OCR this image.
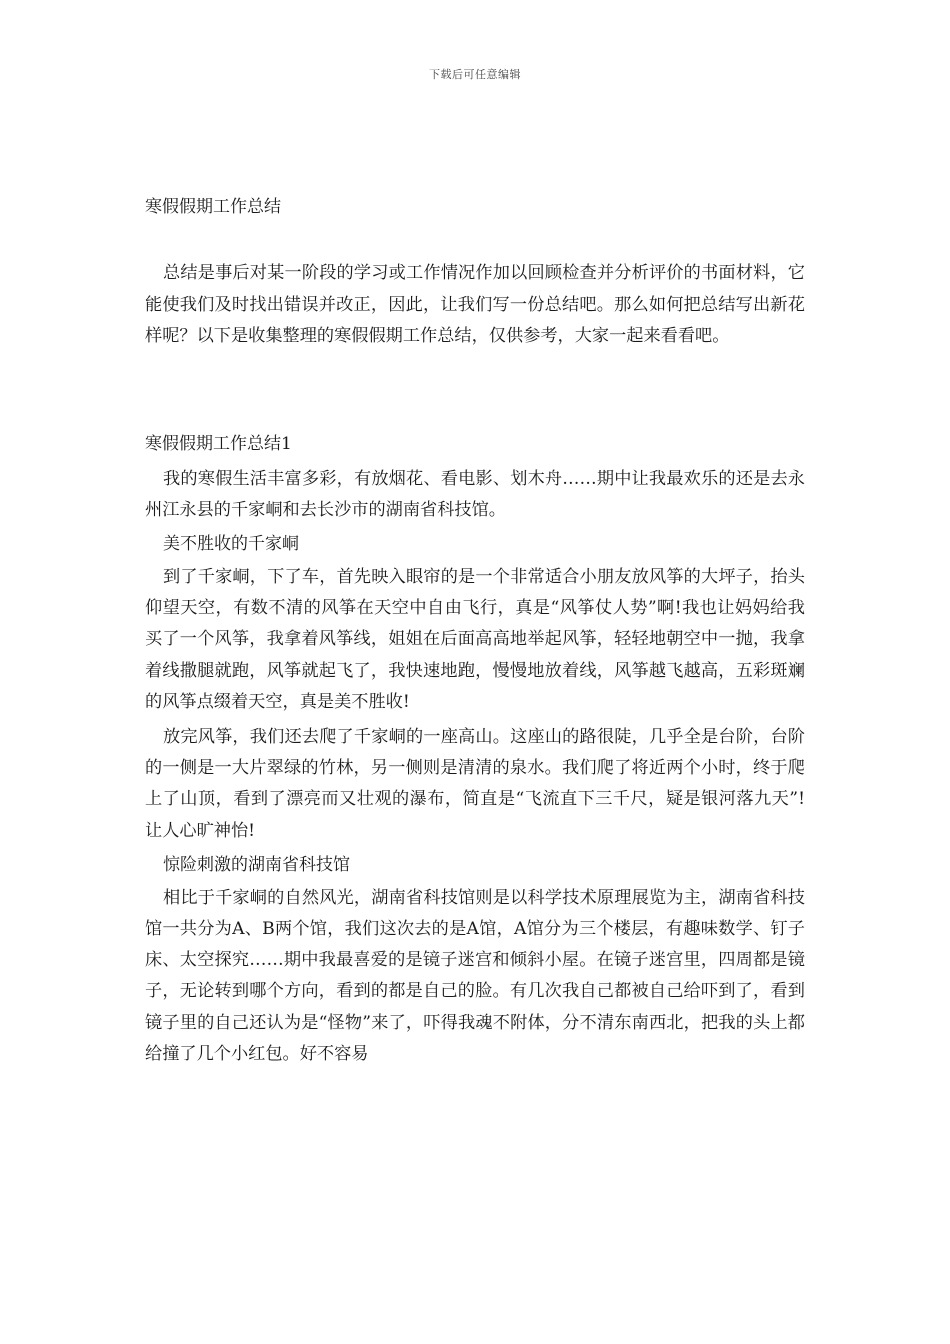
下载后可任意编辑
寒假假期工作总结

总结是事后对某一阶段的学习或工作情况作加以回顾检查并分析评价的书面材料，它能使我们及时找出错误并改正，因此，让我们写一份总结吧。那么如何把总结写出新花样呢？以下是收集整理的寒假假期工作总结，仅供参考，大家一起来看看吧。

寒假假期工作总结1

我的寒假生活丰富多彩，有放烟花、看电影、划木舟……期中让我最欢乐的还是去永州江永县的千家峒和去长沙市的湖南省科技馆。

美不胜收的千家峒

到了千家峒，下了车，首先映入眼帘的是一个非常适合小朋友放风筝的大坪子，抬头仰望天空，有数不清的风筝在天空中自由飞行，真是“风筝仗人势”啊!我也让妈妈给我买了一个风筝，我拿着风筝线，姐姐在后面高高地举起风筝，轻轻地朝空中一抛，我拿着线撒腿就跑，风筝就起飞了，我快速地跑，慢慢地放着线，风筝越飞越高，五彩斑斓的风筝点缀着天空，真是美不胜收!

放完风筝，我们还去爬了千家峒的一座高山。这座山的路很陡，几乎全是台阶，台阶的一侧是一大片翠绿的竹林，另一侧则是清清的泉水。我们爬了将近两个小时，终于爬上了山顶，看到了漂亮而又壮观的瀑布，简直是“飞流直下三千尺，疑是银河落九天”!让人心旷神怡!

惊险刺激的湖南省科技馆

相比于千家峒的自然风光，湖南省科技馆则是以科学技术原理展览为主，湖南省科技馆一共分为A、B两个馆，我们这次去的是A馆，A馆分为三个楼层，有趣味数学、钉子床、太空探究……期中我最喜爱的是镜子迷宫和倾斜小屋。在镜子迷宫里，四周都是镜子，无论转到哪个方向，看到的都是自己的脸。有几次我自己都被自己给吓到了，看到镜子里的自己还认为是“怪物”来了，吓得我魂不附体，分不清东南西北，把我的头上都给撞了几个小红包。好不容易
